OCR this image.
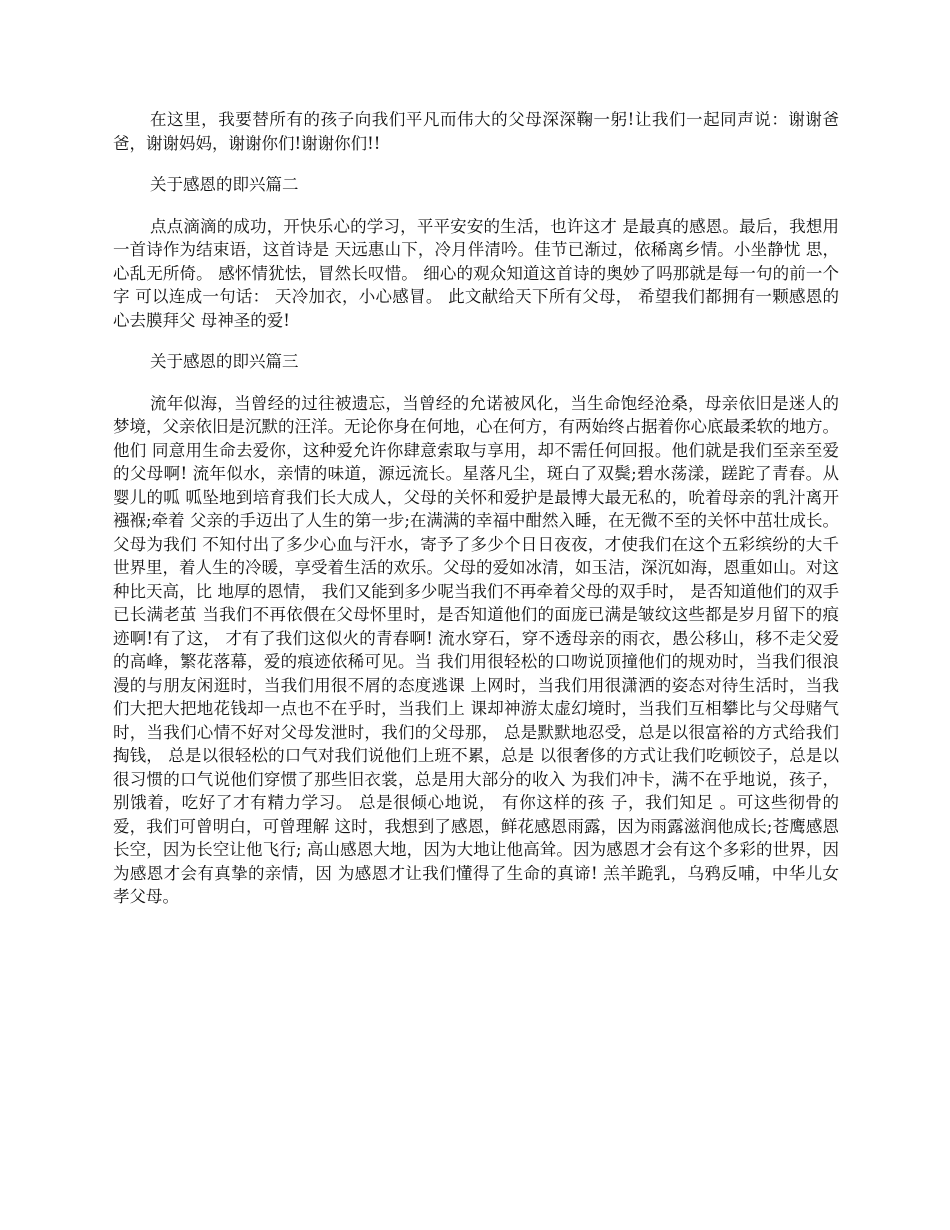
在这里，我要替所有的孩子向我们平凡而伟大的父母深深鞠一躬!让我们一起同声说：谢谢爸爸，谢谢妈妈，谢谢你们!谢谢你们!!

关于感恩的即兴篇二

点点滴滴的成功，开快乐心的学习，平平安安的生活，也许这才 是最真的感恩。最后，我想用一首诗作为结束语，这首诗是 天远惠山下，冷月伴清吟。佳节已渐过，依稀离乡情。小坐静忧 思，心乱无所倚。 感怀情犹怯，冒然长叹惜。 细心的观众知道这首诗的奥妙了吗那就是每一句的前一个字 可以连成一句话： 天冷加衣，小心感冒。 此文献给天下所有父母， 希望我们都拥有一颗感恩的心去膜拜父 母神圣的爱!

关于感恩的即兴篇三

流年似海，当曾经的过往被遗忘，当曾经的允诺被风化，当生命饱经沧桑，母亲依旧是迷人的梦境，父亲依旧是沉默的汪洋。无论你身在何地，心在何方，有两始终占据着你心底最柔软的地方。他们 同意用生命去爱你，这种爱允许你肆意索取与享用，却不需任何回报。他们就是我们至亲至爱的父母啊! 流年似水，亲情的味道，源远流长。星落凡尘，斑白了双鬓;碧水荡漾，蹉跎了青春。从婴儿的呱 呱坠地到培育我们长大成人，父母的关怀和爱护是最博大最无私的，吮着母亲的乳汁离开襁褓;牵着 父亲的手迈出了人生的第一步;在满满的幸福中酣然入睡，在无微不至的关怀中茁壮成长。 父母为我们 不知付出了多少心血与汗水，寄予了多少个日日夜夜，才使我们在这个五彩缤纷的大千世界里，着人生的冷暖，享受着生活的欢乐。父母的爱如冰清，如玉洁，深沉如海，恩重如山。对这种比天高，比 地厚的恩情， 我们又能到多少呢当我们不再牵着父母的双手时， 是否知道他们的双手已长满老茧 当我们不再依偎在父母怀里时，是否知道他们的面庞已满是皱纹这些都是岁月留下的痕迹啊!有了这， 才有了我们这似火的青春啊! 流水穿石，穿不透母亲的雨衣，愚公移山，移不走父爱的高峰，繁花落幕，爱的痕迹依稀可见。当 我们用很轻松的口吻说顶撞他们的规劝时，当我们很浪漫的与朋友闲逛时，当我们用很不屑的态度逃课 上网时，当我们用很潇洒的姿态对待生活时，当我们大把大把地花钱却一点也不在乎时，当我们上 课却神游太虚幻境时，当我们互相攀比与父母赌气时，当我们心情不好对父母发泄时，我们的父母那， 总是默默地忍受，总是以很富裕的方式给我们掏钱， 总是以很轻松的口气对我们说他们上班不累，总是 以很奢侈的方式让我们吃顿饺子，总是以很习惯的口气说他们穿惯了那些旧衣裳，总是用大部分的收入 为我们冲卡，满不在乎地说，孩子，别饿着，吃好了才有精力学习。 总是很倾心地说， 有你这样的孩 子，我们知足 。可这些彻骨的爱，我们可曾明白，可曾理解 这时，我想到了感恩，鲜花感恩雨露，因为雨露滋润他成长;苍鹰感恩长空，因为长空让他飞行; 高山感恩大地，因为大地让他高耸。因为感恩才会有这个多彩的世界，因为感恩才会有真挚的亲情，因 为感恩才让我们懂得了生命的真谛! 羔羊跪乳，乌鸦反哺，中华儿女孝父母。
